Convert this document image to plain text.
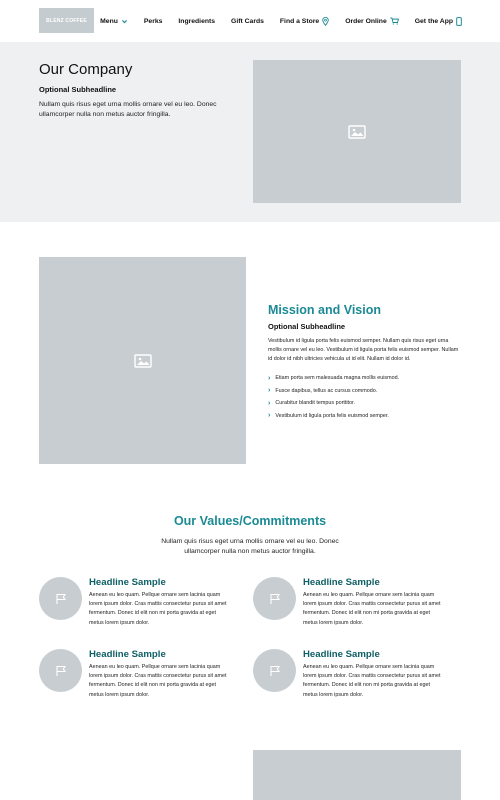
BLENZ COFFEE	Menu	Perks Ingredients Gift Cards Find a Store	Order Online	Get the App
Our Company
Optional Subheadline

Nullam quis risus eget urna mollis ornare vel eu leo. Donec ullamcorper nulla non metus auctor fringilla.

Mission and Vision
Optional Subheadline

Vestibulum id ligula porta felis euismod semper. Nullam quis risus eget urna mollis ornare vel eu leo. Vestibulum id ligula porta felis euismod semper. Nullam id dolor id nibh ultricies vehicula ut id elit. Nullam id dolor id.

› Etiam porta sem malesuada magna mollis euismod.
› Fusce dapibus, tellus ac cursus commodo.
› Curabitur blandit tempus porttitor.
› Vestibulum id ligula porta felis euismod semper.
Our Values/Commitments

Nullam quis risus eget urna mollis ornare vel eu leo. Donec ullamcorper nulla non metus auctor fringilla.

Headline Sample

Aenean eu leo quam. Pellque ornare sem lacinia quam lorem ipsum dolor. Cras mattis consectetur purus sit amet fermentum. Donec id elit non mi porta gravida at eget metus lorem ipsum dolor.

Headline Sample

Aenean eu leo quam. Pellque ornare sem lacinia quam lorem ipsum dolor. Cras mattis consectetur purus sit amet fermentum. Donec id elit non mi porta gravida at eget metus lorem ipsum dolor.

Headline Sample

Aenean eu leo quam. Pellque ornare sem lacinia quam lorem ipsum dolor. Cras mattis consectetur purus sit amet fermentum. Donec id elit non mi porta gravida at eget metus lorem ipsum dolor.

Headline Sample

Aenean eu leo quam. Pellque ornare sem lacinia quam lorem ipsum dolor. Cras mattis consectetur purus sit amet fermentum. Donec id elit non mi porta gravida at eget metus lorem ipsum dolor.
